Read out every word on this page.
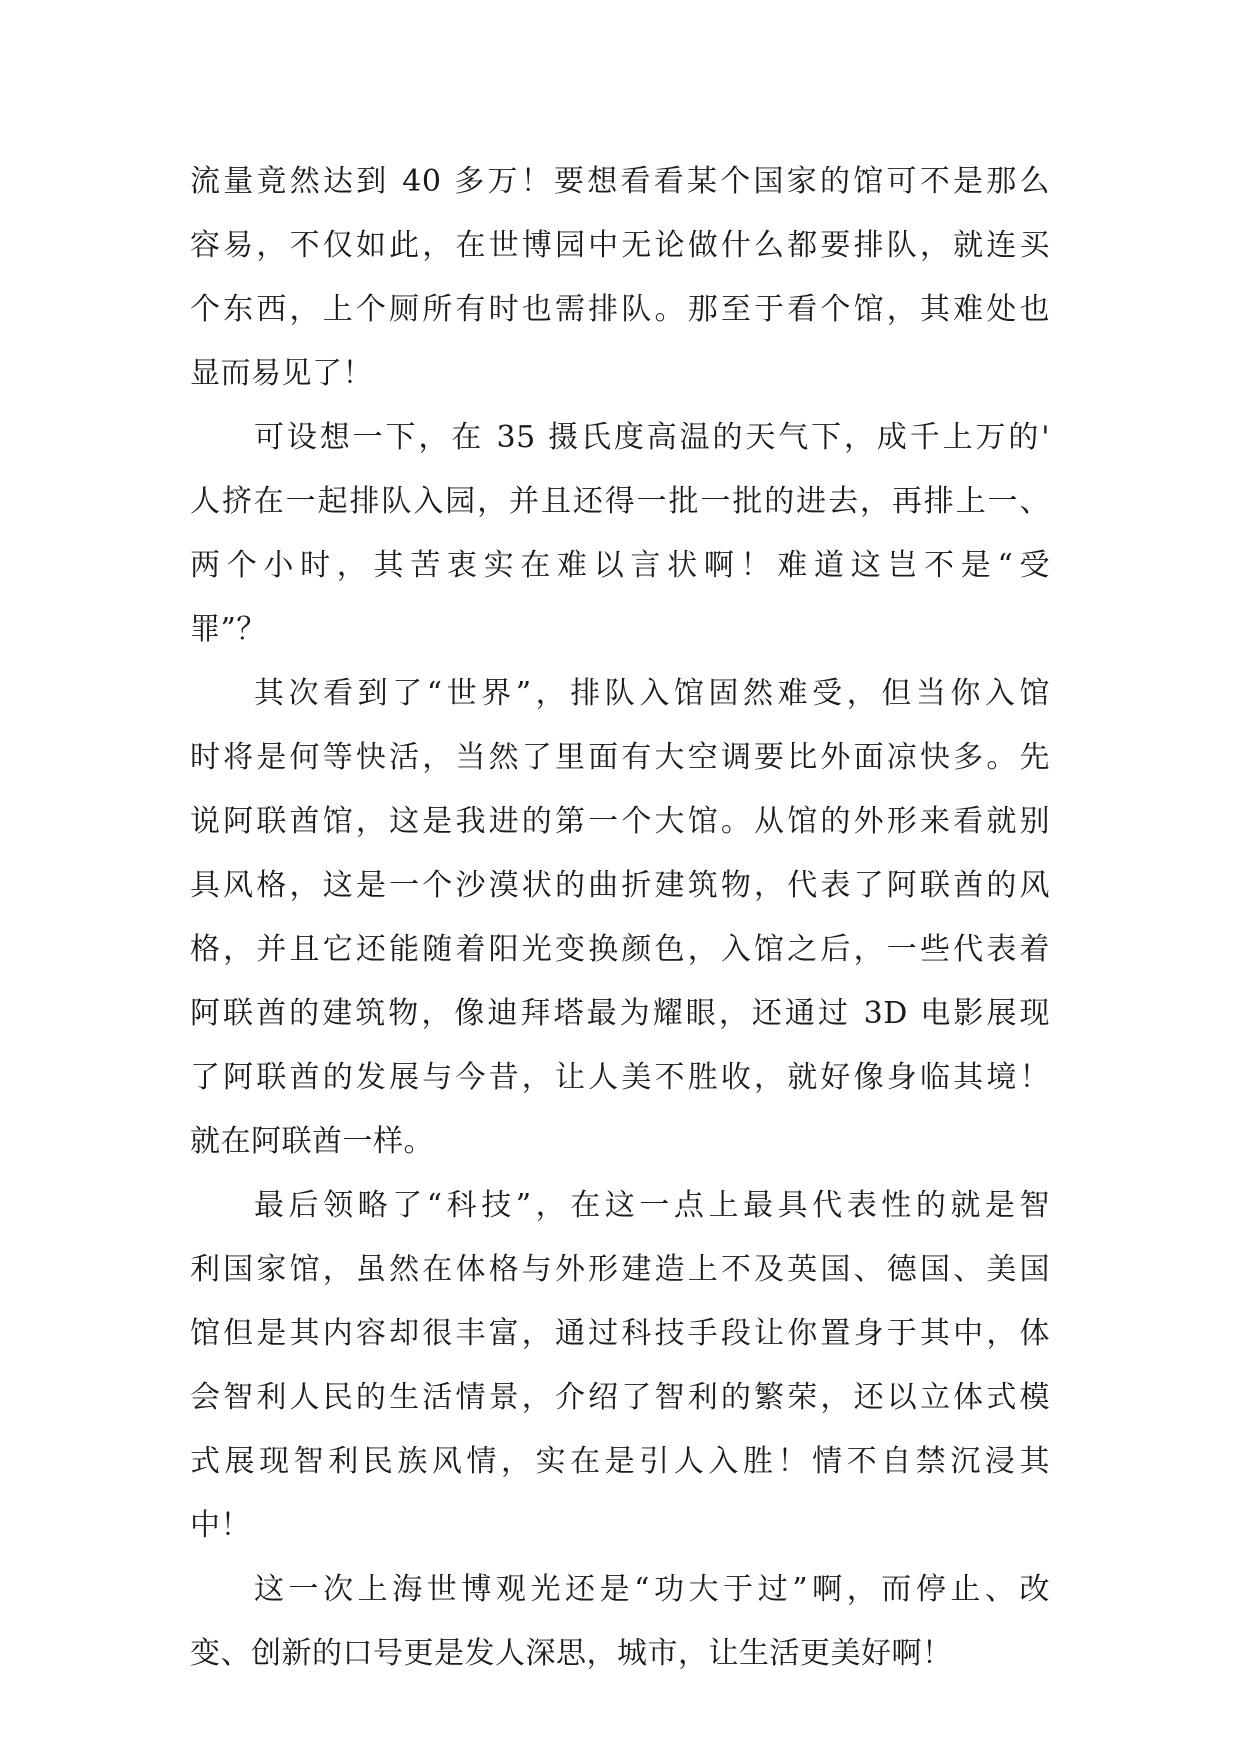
流量竟然达到 40 多万！要想看看某个国家的馆可不是那么
容易，不仅如此，在世博园中无论做什么都要排队，就连买
个东西，上个厕所有时也需排队。那至于看个馆，其难处也
显而易见了！
可设想一下，在 35 摄氏度高温的天气下，成千上万的'
人挤在一起排队入园，并且还得一批一批的进去，再排上一、
两个小时，其苦衷实在难以言状啊！难道这岂不是“受
罪”？
其次看到了“世界”，排队入馆固然难受，但当你入馆
时将是何等快活，当然了里面有大空调要比外面凉快多。先
说阿联酋馆，这是我进的第一个大馆。从馆的外形来看就别
具风格，这是一个沙漠状的曲折建筑物，代表了阿联酋的风
格，并且它还能随着阳光变换颜色，入馆之后，一些代表着
阿联酋的建筑物，像迪拜塔最为耀眼，还通过 3D 电影展现
了阿联酋的发展与今昔，让人美不胜收，就好像身临其境！
就在阿联酋一样。
最后领略了“科技”，在这一点上最具代表性的就是智
利国家馆，虽然在体格与外形建造上不及英国、德国、美国
馆但是其内容却很丰富，通过科技手段让你置身于其中，体
会智利人民的生活情景，介绍了智利的繁荣，还以立体式模
式展现智利民族风情，实在是引人入胜！情不自禁沉浸其
中！
这一次上海世博观光还是“功大于过”啊，而停止、改
变、创新的口号更是发人深思，城市，让生活更美好啊！
